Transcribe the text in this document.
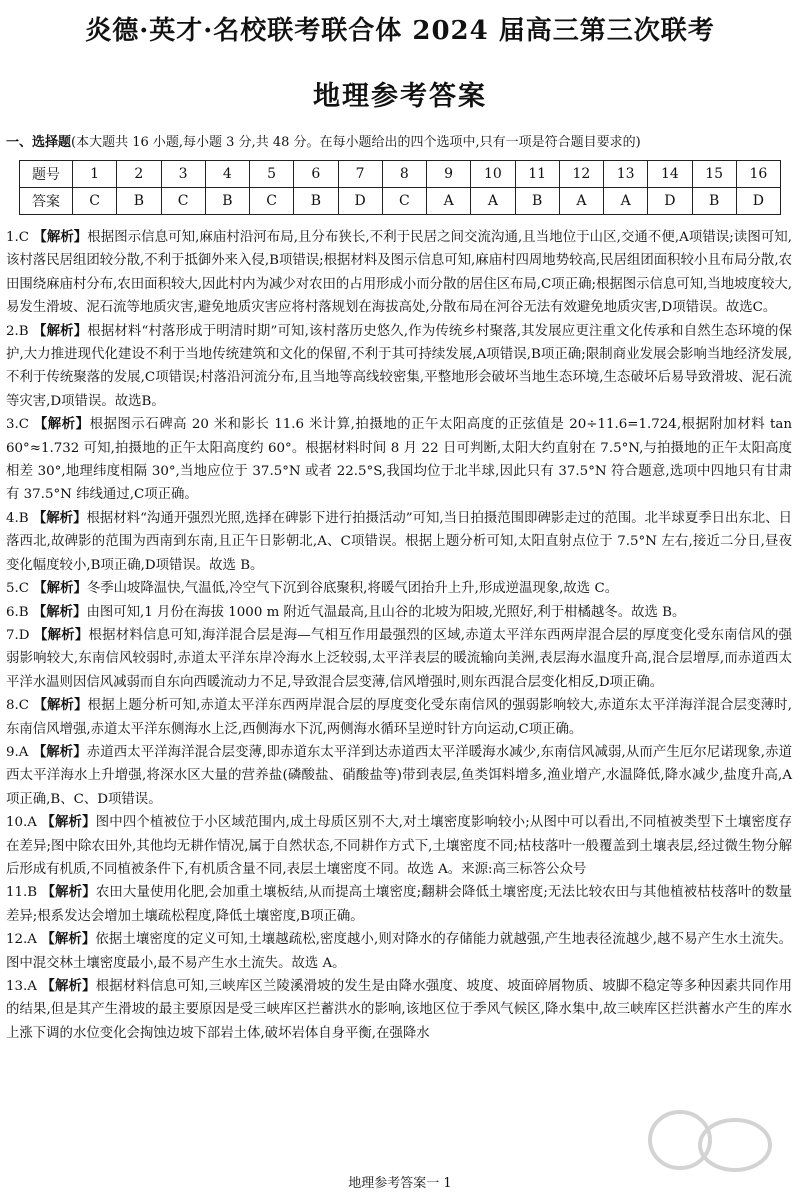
炎德·英才·名校联考联合体 2024 届高三第三次联考
地理参考答案
一、选择题(本大题共 16 小题,每小题 3 分,共 48 分。在每小题给出的四个选项中,只有一项是符合题目要求的)
题号	1	2	3	4	5	6	7	8	9	10	11	12	13	14	15	16
答案	C	B	C	B	C	B	D	C	A	A	B	A	A	D	B	D

1.C 【解析】根据图示信息可知,麻庙村沿河布局,且分布狭长,不利于民居之间交流沟通,且当地位于山区,交通不便,A项错误;读图可知,该村落民居组团较分散,不利于抵御外来入侵,B项错误;根据材料及图示信息可知,麻庙村四周地势较高,民居组团面积较小且布局分散,农田围绕麻庙村分布,农田面积较大,因此村内为减少对农田的占用形成小而分散的居住区布局,C项正确;根据图示信息可知,当地坡度较大,易发生滑坡、泥石流等地质灾害,避免地质灾害应将村落规划在海拔高处,分散布局在河谷无法有效避免地质灾害,D项错误。故选C。

2.B 【解析】根据材料“村落形成于明清时期”可知,该村落历史悠久,作为传统乡村聚落,其发展应更注重文化传承和自然生态环境的保护,大力推进现代化建设不利于当地传统建筑和文化的保留,不利于其可持续发展,A项错误,B项正确;限制商业发展会影响当地经济发展,不利于传统聚落的发展,C项错误;村落沿河流分布,且当地等高线较密集,平整地形会破坏当地生态环境,生态破坏后易导致滑坡、泥石流等灾害,D项错误。故选B。

3.C 【解析】根据图示石碑高 20 米和影长 11.6 米计算,拍摄地的正午太阳高度的正弦值是 20÷11.6=1.724,根据附加材料 tan 60°≈1.732 可知,拍摄地的正午太阳高度约 60°。根据材料时间 8 月 22 日可判断,太阳大约直射在 7.5°N,与拍摄地的正午太阳高度相差 30°,地理纬度相隔 30°,当地应位于 37.5°N 或者 22.5°S,我国均位于北半球,因此只有 37.5°N 符合题意,选项中四地只有甘肃有 37.5°N 纬线通过,C项正确。

4.B 【解析】根据材料“沟通开强烈光照,选择在碑影下进行拍摄活动”可知,当日拍摄范围即碑影走过的范围。北半球夏季日出东北、日落西北,故碑影的范围为西南到东南,且正午日影朝北,A、C项错误。根据上题分析可知,太阳直射点位于 7.5°N 左右,接近二分日,昼夜变化幅度较小,B项正确,D项错误。故选 B。

5.C 【解析】冬季山坡降温快,气温低,冷空气下沉到谷底聚积,将暖气团抬升上升,形成逆温现象,故选 C。

6.B 【解析】由图可知,1 月份在海拔 1000 m 附近气温最高,且山谷的北坡为阳坡,光照好,利于柑橘越冬。故选 B。

7.D 【解析】根据材料信息可知,海洋混合层是海—气相互作用最强烈的区域,赤道太平洋东西两岸混合层的厚度变化受东南信风的强弱影响较大,东南信风较弱时,赤道太平洋东岸冷海水上泛较弱,太平洋表层的暖流输向美洲,表层海水温度升高,混合层增厚,而赤道西太平洋水温则因信风减弱而自东向西暖流动力不足,导致混合层变薄,信风增强时,则东西混合层变化相反,D项正确。

8.C 【解析】根据上题分析可知,赤道太平洋东西两岸混合层的厚度变化受东南信风的强弱影响较大,赤道东太平洋海洋混合层变薄时,东南信风增强,赤道太平洋东侧海水上泛,西侧海水下沉,两侧海水循环呈逆时针方向运动,C项正确。

9.A 【解析】赤道西太平洋海洋混合层变薄,即赤道东太平洋到达赤道西太平洋暖海水减少,东南信风减弱,从而产生厄尔尼诺现象,赤道西太平洋海水上升增强,将深水区大量的营养盐(磷酸盐、硝酸盐等)带到表层,鱼类饵料增多,渔业增产,水温降低,降水减少,盐度升高,A项正确,B、C、D项错误。

10.A 【解析】图中四个植被位于小区域范围内,成土母质区别不大,对土壤密度影响较小;从图中可以看出,不同植被类型下土壤密度存在差异;图中除农田外,其他均无耕作情况,属于自然状态,不同耕作方式下,土壤密度不同;枯枝落叶一般覆盖到土壤表层,经过微生物分解后形成有机质,不同植被条件下,有机质含量不同,表层土壤密度不同。故选 A。来源:高三标答公众号

11.B 【解析】农田大量使用化肥,会加重土壤板结,从而提高土壤密度;翻耕会降低土壤密度;无法比较农田与其他植被枯枝落叶的数量差异;根系发达会增加土壤疏松程度,降低土壤密度,B项正确。

12.A 【解析】依据土壤密度的定义可知,土壤越疏松,密度越小,则对降水的存储能力就越强,产生地表径流越少,越不易产生水土流失。图中混交林土壤密度最小,最不易产生水土流失。故选 A。

13.A 【解析】根据材料信息可知,三峡库区兰陵溪滑坡的发生是由降水强度、坡度、坡面碎屑物质、坡脚不稳定等多种因素共同作用的结果,但是其产生滑坡的最主要原因是受三峡库区拦蓄洪水的影响,该地区位于季风气候区,降水集中,故三峡库区拦洪蓄水产生的库水上涨下调的水位变化会掏蚀边坡下部岩土体,破坏岩体自身平衡,在强降水

地理参考答案一 1
